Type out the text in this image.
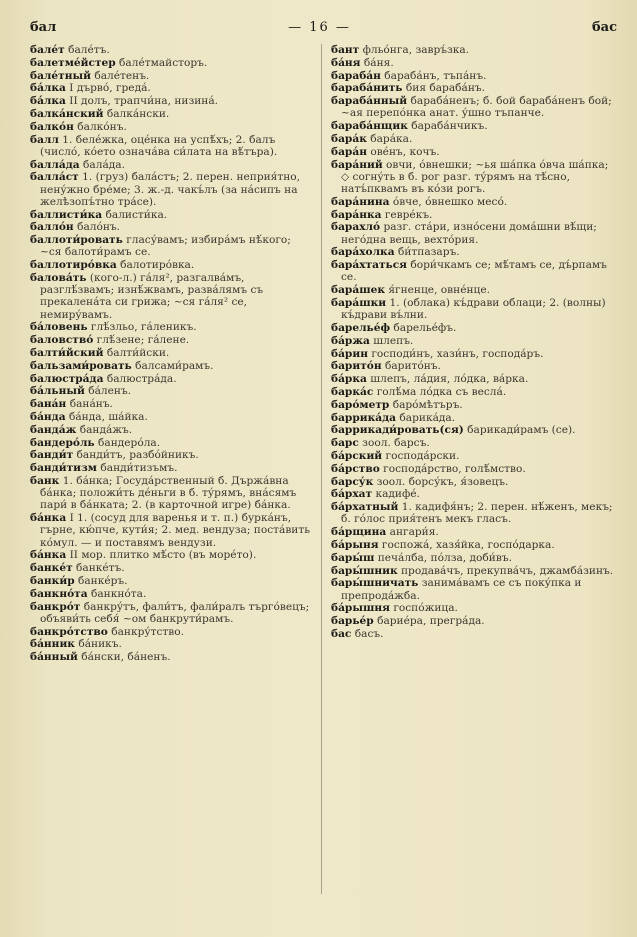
бал	— 16 —	бас

бале́т бале́тъ.

балетме́йстер бале́тмайсторъ.

бале́тный бале́тенъ.

ба́лка I дърво́, греда́.

ба́лка II долъ, трапчи́на, низина́.

балка́нский балка́нски.

балко́н балко́нъ.

балл 1. беле́жка, оце́нка на успѣ́хъ; 2. балъ (число́, ко́ето означа́ва си́лата на вѣ́търа).

балла́да бала́да.

балла́ст 1. (груз) бала́стъ; 2. перен. неприя́тно, нену́жно бре́ме; 3. ж.-д. чакъ́лъ (за на́сипъ на желѣзопъ́тно тра́се).

баллисти́ка балисти́ка.

балло́н бало́нъ.

баллоти́ровать гласу́вамъ; избира́мъ нѣ́кого; ~ся балоти́рамъ се.

баллотиро́вка балотиро́вка.

балова́ть (кого-л.) га́ля², разгалва́мъ, разглѣ́звамъ; изнѣ́жвамъ, разва́лямъ съ прекалена́та си грижа; ~ся га́ля² се, немиру́вамъ.

ба́ловень глѣ́зльо, га́леникъ.

баловство́ глѣ́зене; га́лене.

балти́йский балти́йски.

бальзами́ровать балсами́рамъ.

балюстра́да балюстра́да.

ба́льный ба́ленъ.

бана́н бана́нъ.

ба́нда ба́нда, ша́йка.

банда́ж банда́жъ.

бандеро́ль бандеро́ла.

банди́т банди́тъ, разбо́йникъ.

банди́тизм банди́тизъмъ.

банк 1. ба́нка; Госуда́рственный б. Държа́вна ба́нка; положи́ть де́ньги в б. ту́рямъ, вна́сямъ пари́ в ба́нката; 2. (в карточной игре) ба́нка.

ба́нка I 1. (сосуд для варенья и т. п.) бурка́нъ, гърне, кю́пче, кути́я; 2. мед. вендуза; поста́вить ко́мул. — и поставямъ вендузи.

ба́нка II мор. плитко мѣ́сто (въ море́то).

банке́т банке́тъ.

банки́р банке́ръ.

банкно́та банкно́та.

банкро́т банкру́тъ, фали́тъ, фали́ралъ търго́вецъ; объяви́ть себя́ ~ом банкрути́рамъ.

банкро́тство банкру́тство.

ба́нник ба́никъ.

ба́нный ба́нски, ба́ненъ.

бант фльо́нга, завръ́зка.

ба́ня ба́ня.

бараба́н бараба́нъ, тъпа́нъ.

бараба́нить бия бараба́нъ.

бараба́нный бараба́ненъ; б. бой бараба́ненъ бой; ~ая перепо́нка анат. у́шно тъпанче.

бараба́нщик бараба́нчикъ.

бара́к бара́ка.

бара́н ове́нъ, кочъ.

бара́ний овчи, о́внешки; ~ья ша́пка о́вча ша́пка; ◇ согну́ть в б. рог разг. ту́рямъ на тѣ́сно, натъ́пквамъ въ ко́зи рогъ.

бара́нина о́вче, о́внешко месо́.

бара́нка гевре́къ.

барахло́ разг. ста́ри, изно́сени дома́шни вѣ́щи; него́дна вещь, вехто́рия.

бара́холка би́тпазаръ.

бара́хтаться бори́чкамъ се; мѣ́тамъ се, дъ́рпамъ се.

бара́шек я́гненце, овне́нце.

бара́шки 1. (облака) къ́драви облаци; 2. (волны) къ́драви въ́лни.

барелье́ф барелье́фъ.

ба́ржа шлепъ.

ба́рин господи́нъ, хази́нъ, господа́ръ.

барито́н барито́нъ.

ба́рка шлепъ, ла́дия, ло́дка, ва́рка.

барка́с голѣ́ма ло́дка съ весла́.

баро́метр баро́мѣтъръ.

баррика́да барика́да.

баррикади́ровать(ся) барикади́рамъ (се).

барс зоол. барсъ.

ба́рский господа́рски.

ба́рство господа́рство, голѣ́мство.

барсу́к зоол. борсу́къ, я́зовецъ.

ба́рхат кадифе́.

ба́рхатный 1. кадифя́нъ; 2. перен. нѣ́женъ, мекъ; б. го́лос прия́тенъ мекъ гласъ.

ба́рщина ангари́я.

ба́рыня госпожа́, хазя́йка, госпо́дарка.

бары́ш печа́лба, по́лза, доби́въ.

бары́шник продава́чъ, прекупва́чъ, джамба́зинъ.

бары́шничать занима́вамъ се съ поку́пка и препрода́жба.

ба́рышня госпо́жица.

барье́р барие́ра, прегра́да.

бас басъ.
